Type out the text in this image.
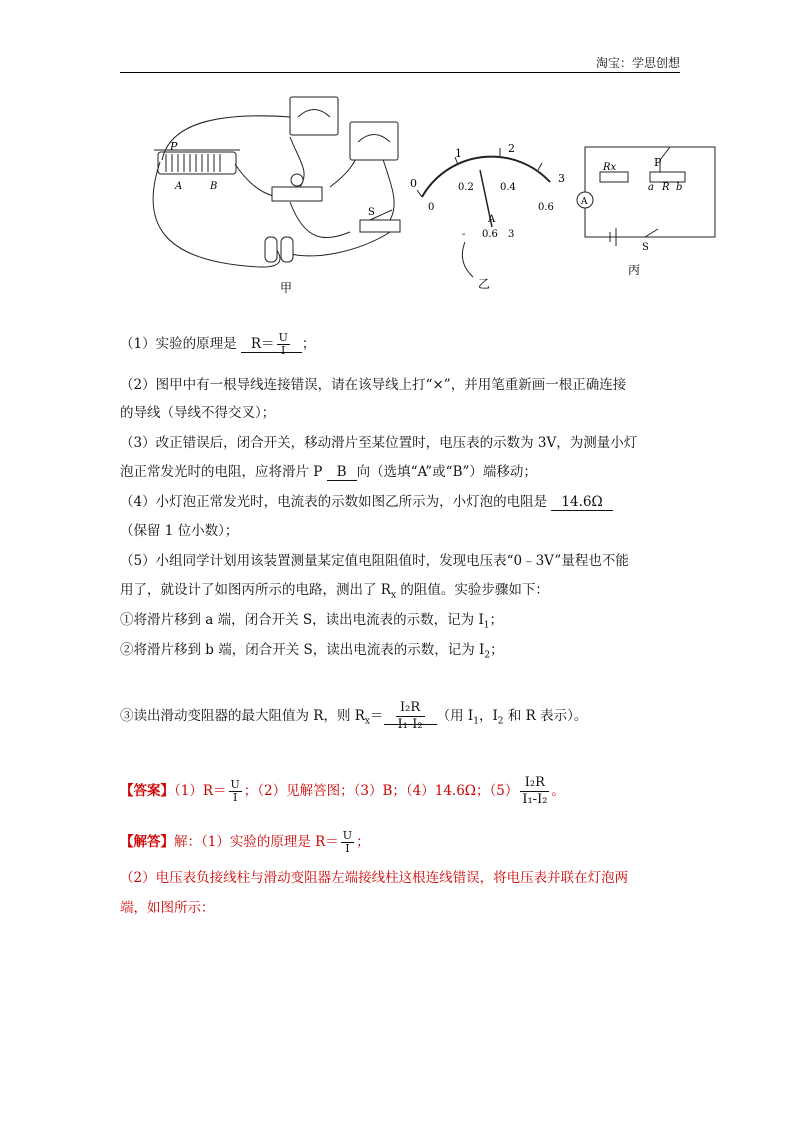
淘宝：学思创想
P
A	B
S
甲
0
1	2
3
0
0.2	0.4
0.6
A
- 0.6 3
乙
P
Rx
a R b
A
S
丙
（1）实验的原理是 $R= \frac{U}{I}$ ；
（2）图甲中有一根导线连接错误，请在该导线上打“×”，并用笔重新画一根正确连接
的导线（导线不得交叉）；
（3）改正错误后，闭合开关，移动滑片至某位置时，电压表的示数为 3V，为测量小灯
泡正常发光时的电阻，应将滑片 P B 向（选填“A”或“B”）端移动；
（4）小灯泡正常发光时，电流表的示数如图乙所示为，小灯泡的电阻是 14.6Ω
（保留 1 位小数）；
（5）小组同学计划用该装置测量某定值电阻阻值时，发现电压表“0﹣3V”量程也不能
用了，就设计了如图丙所示的电路，测出了 $R_x$ 的阻值。实验步骤如下：
①将滑片移到 a 端，闭合开关 S，读出电流表的示数，记为 $I_1$；
②将滑片移到 b 端，闭合开关 S，读出电流表的示数，记为 $I_2$；
③读出滑动变阻器的最大阻值为 R，则 $R_x= \frac{\text{I₂R}}{\text{I₁-I₂}}$ （用 $I_1$，$I_2$ 和 R 表示）。
【答案】$(1)R= \frac{U}{I}$ ；（2）见解答图；（3）B；（4）14.6Ω；$(5) \frac{\text{I₂R}}{\text{I₁-I₂}}$ 。
【解答】解：（1）实验的原理是 $R= \frac{U}{I}$ ；
（2）电压表负接线柱与滑动变阻器左端接线柱这根连线错误，将电压表并联在灯泡两
端，如图所示：
